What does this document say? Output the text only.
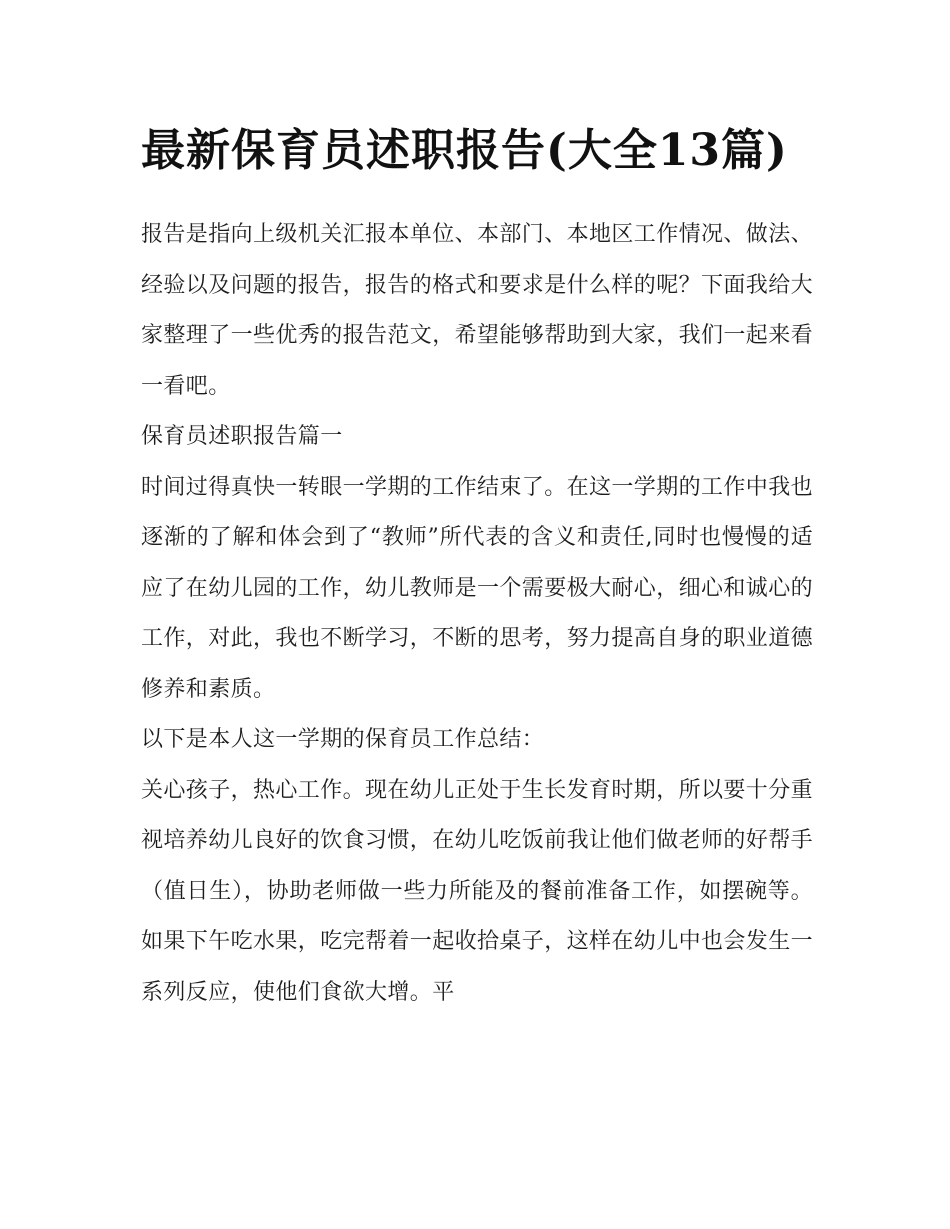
最新保育员述职报告(大全13篇)

报告是指向上级机关汇报本单位、本部门、本地区工作情况、做法、经验以及问题的报告，报告的格式和要求是什么样的呢？下面我给大家整理了一些优秀的报告范文，希望能够帮助到大家，我们一起来看一看吧。

保育员述职报告篇一

时间过得真快一转眼一学期的工作结束了。在这一学期的工作中我也逐渐的了解和体会到了“教师”所代表的含义和责任,同时也慢慢的适应了在幼儿园的工作，幼儿教师是一个需要极大耐心，细心和诚心的工作，对此，我也不断学习，不断的思考，努力提高自身的职业道德修养和素质。

以下是本人这一学期的保育员工作总结：

关心孩子，热心工作。现在幼儿正处于生长发育时期，所以要十分重视培养幼儿良好的饮食习惯，在幼儿吃饭前我让他们做老师的好帮手（值日生），协助老师做一些力所能及的餐前准备工作，如摆碗等。如果下午吃水果，吃完帮着一起收拾桌子，这样在幼儿中也会发生一系列反应，使他们食欲大增。平
